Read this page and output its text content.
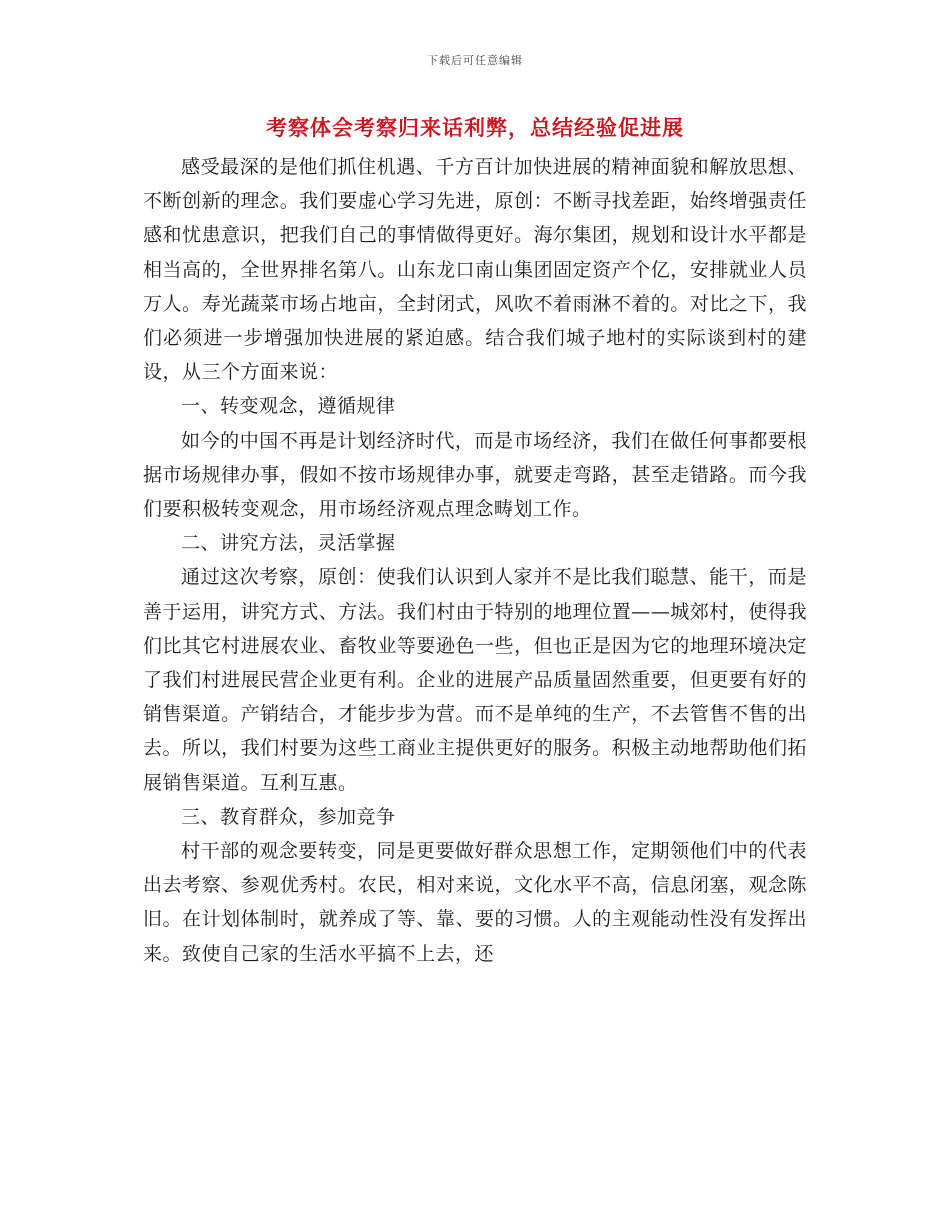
下载后可任意编辑
考察体会考察归来话利弊，总结经验促进展

感受最深的是他们抓住机遇、千方百计加快进展的精神面貌和解放思想、不断创新的理念。我们要虚心学习先进，原创：不断寻找差距，始终增强责任感和忧患意识，把我们自己的事情做得更好。海尔集团，规划和设计水平都是相当高的，全世界排名第八。山东龙口南山集团固定资产个亿，安排就业人员万人。寿光蔬菜市场占地亩，全封闭式，风吹不着雨淋不着的。对比之下，我们必须进一步增强加快进展的紧迫感。结合我们城子地村的实际谈到村的建设，从三个方面来说：

一、转变观念，遵循规律

如今的中国不再是计划经济时代，而是市场经济，我们在做任何事都要根据市场规律办事，假如不按市场规律办事，就要走弯路，甚至走错路。而今我们要积极转变观念，用市场经济观点理念畴划工作。

二、讲究方法，灵活掌握

通过这次考察，原创：使我们认识到人家并不是比我们聪慧、能干，而是善于运用，讲究方式、方法。我们村由于特别的地理位置——城郊村，使得我们比其它村进展农业、畜牧业等要逊色一些，但也正是因为它的地理环境决定了我们村进展民营企业更有利。企业的进展产品质量固然重要，但更要有好的销售渠道。产销结合，才能步步为营。而不是单纯的生产，不去管售不售的出去。所以，我们村要为这些工商业主提供更好的服务。积极主动地帮助他们拓展销售渠道。互利互惠。

三、教育群众，参加竞争

村干部的观念要转变，同是更要做好群众思想工作，定期领他们中的代表出去考察、参观优秀村。农民，相对来说，文化水平不高，信息闭塞，观念陈旧。在计划体制时，就养成了等、靠、要的习惯。人的主观能动性没有发挥出来。致使自己家的生活水平搞不上去，还
